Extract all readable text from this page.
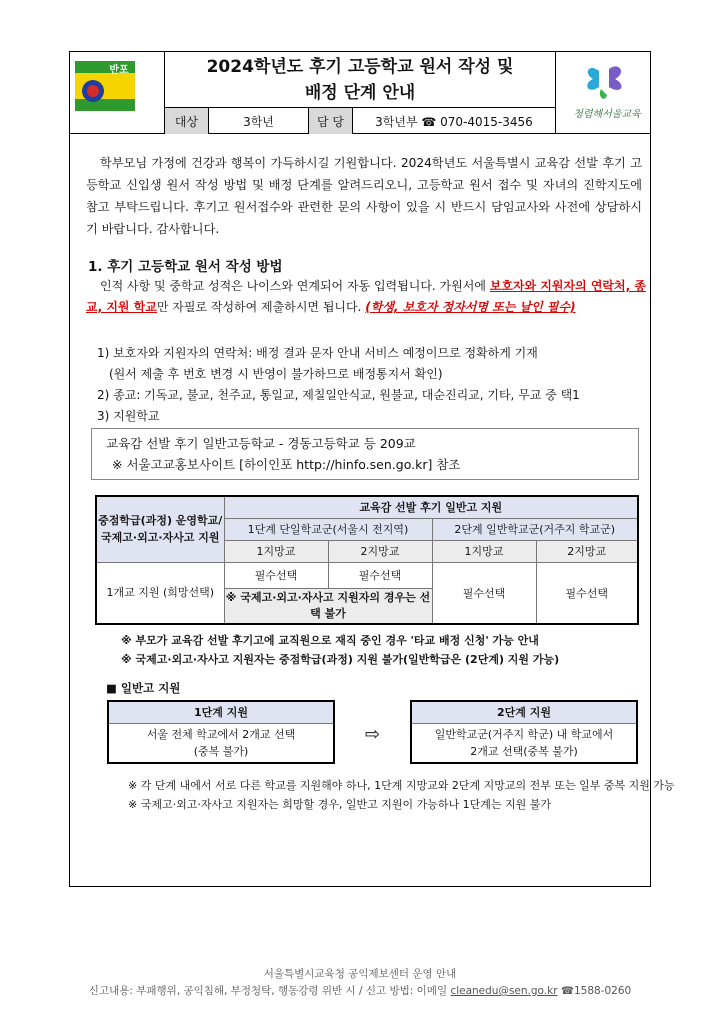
반포	2024학년도 후기 고등학교 원서 작성 및
배정 단계 안내
대상	3학년	담 당	3학년부 ☎ 070-4015-3456	청렴해서울교육

학부모님 가정에 건강과 행복이 가득하시길 기원합니다. 2024학년도 서울특별시 교육감 선발 후기 고등학교 신입생 원서 작성 방법 및 배정 단계를 알려드리오니, 고등학교 원서 접수 및 자녀의 진학지도에 참고 부탁드립니다. 후기고 원서접수와 관련한 문의 사항이 있을 시 반드시 담임교사와 사전에 상담하시기 바랍니다. 감사합니다.

1. 후기 고등학교 원서 작성 방법

인적 사항 및 중학교 성적은 나이스와 연계되어 자동 입력됩니다. 가원서에 보호자와 지원자의 연락처, 종교, 지원 학교만 자필로 작성하여 제출하시면 됩니다. (학생, 보호자 정자서명 또는 날인 필수)

1) 보호자와 지원자의 연락처: 배정 결과 문자 안내 서비스 예정이므로 정확하게 기재
(원서 제출 후 번호 변경 시 반영이 불가하므로 배정통지서 확인)
2) 종교: 기독교, 불교, 천주교, 통일교, 제칠일안식교, 원불교, 대순진리교, 기타, 무교 중 택1
3) 지원학교
교육감 선발 후기 일반고등학교 - 경동고등학교 등 209교
※ 서울고교홍보사이트 [하이인포 http://hinfo.sen.go.kr] 참조
중점학급(과정) 운영학교/ 국제고·외고·자사고 지원	교육감 선발 후기 일반고 지원			
	1단계 단일학교군(서울시 전지역)		2단계 일반학교군(거주지 학교군)	
	1지망교	2지망교	1지망교	2지망교
1개교 지원 (희망선택)	필수선택	필수선택	필수선택	필수선택
	※ 국제고·외고·자사고 지원자의 경우는 선택 불가			
※ 부모가 교육감 선발 후기고에 교직원으로 재직 중인 경우 '타교 배정 신청' 가능 안내
※ 국제고·외고·자사고 지원자는 중점학급(과정) 지원 불가(일반학급은 (2단계) 지원 가능)
■ 일반고 지원
1단계 지원
서울 전체 학교에서 2개교 선택
(중복 불가)
⇨
2단계 지원
일반학교군(거주지 학군) 내 학교에서
2개교 선택(중복 불가)
※ 각 단계 내에서 서로 다른 학교를 지원해야 하나, 1단계 지망교와 2단계 지망교의 전부 또는 일부 중복 지원 가능
※ 국제고·외고·자사고 지원자는 희망할 경우, 일반고 지원이 가능하나 1단계는 지원 불가
서울특별시교육청 공익제보센터 운영 안내
신고내용: 부패행위, 공익침해, 부정청탁, 행동강령 위반 시 / 신고 방법: 이메일 cleanedu@sen.go.kr ☎1588-0260
